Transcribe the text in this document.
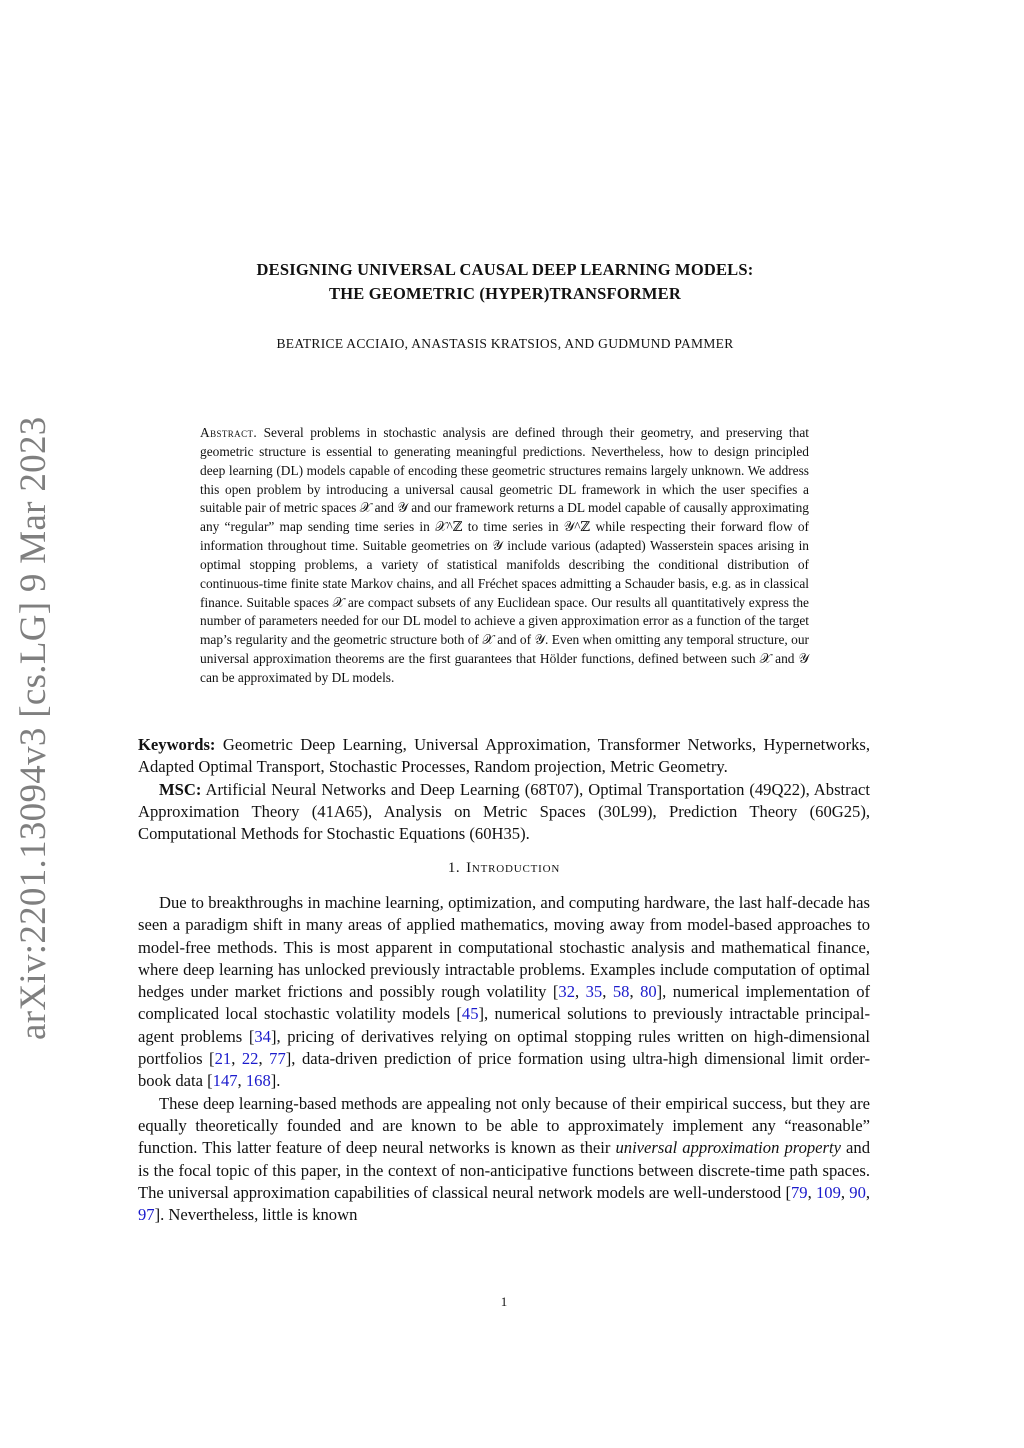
arXiv:2201.13094v3 [cs.LG] 9 Mar 2023
DESIGNING UNIVERSAL CAUSAL DEEP LEARNING MODELS:
THE GEOMETRIC (HYPER)TRANSFORMER
BEATRICE ACCIAIO, ANASTASIS KRATSIOS, AND GUDMUND PAMMER
Abstract. Several problems in stochastic analysis are defined through their geometry, and preserving that geometric structure is essential to generating meaningful predictions. Nevertheless, how to design principled deep learning (DL) models capable of encoding these geometric structures remains largely unknown. We address this open problem by introducing a universal causal geometric DL framework in which the user specifies a suitable pair of metric spaces 𝒳 and 𝒴 and our framework returns a DL model capable of causally approximating any “regular” map sending time series in 𝒳^ℤ to time series in 𝒴^ℤ while respecting their forward flow of information throughout time. Suitable geometries on 𝒴 include various (adapted) Wasserstein spaces arising in optimal stopping problems, a variety of statistical manifolds describing the conditional distribution of continuous-time finite state Markov chains, and all Fréchet spaces admitting a Schauder basis, e.g. as in classical finance. Suitable spaces 𝒳 are compact subsets of any Euclidean space. Our results all quantitatively express the number of parameters needed for our DL model to achieve a given approximation error as a function of the target map’s regularity and the geometric structure both of 𝒳 and of 𝒴. Even when omitting any temporal structure, our universal approximation theorems are the first guarantees that Hölder functions, defined between such 𝒳 and 𝒴 can be approximated by DL models.

Keywords: Geometric Deep Learning, Universal Approximation, Transformer Networks, Hypernetworks, Adapted Optimal Transport, Stochastic Processes, Random projection, Metric Geometry.

MSC: Artificial Neural Networks and Deep Learning (68T07), Optimal Transportation (49Q22), Abstract Approximation Theory (41A65), Analysis on Metric Spaces (30L99), Prediction Theory (60G25), Computational Methods for Stochastic Equations (60H35).

1. Introduction

Due to breakthroughs in machine learning, optimization, and computing hardware, the last half-decade has seen a paradigm shift in many areas of applied mathematics, moving away from model-based approaches to model-free methods. This is most apparent in computational stochastic analysis and mathematical finance, where deep learning has unlocked previously intractable problems. Examples include computation of optimal hedges under market frictions and possibly rough volatility [32, 35, 58, 80], numerical implementation of complicated local stochastic volatility models [45], numerical solutions to previously intractable principal-agent problems [34], pricing of derivatives relying on optimal stopping rules written on high-dimensional portfolios [21, 22, 77], data-driven prediction of price formation using ultra-high dimensional limit order-book data [147, 168].

These deep learning-based methods are appealing not only because of their empirical success, but they are equally theoretically founded and are known to be able to approximately implement any “reasonable” function. This latter feature of deep neural networks is known as their universal approximation property and is the focal topic of this paper, in the context of non-anticipative functions between discrete-time path spaces. The universal approximation capabilities of classical neural network models are well-understood [79, 109, 90, 97]. Nevertheless, little is known

1
